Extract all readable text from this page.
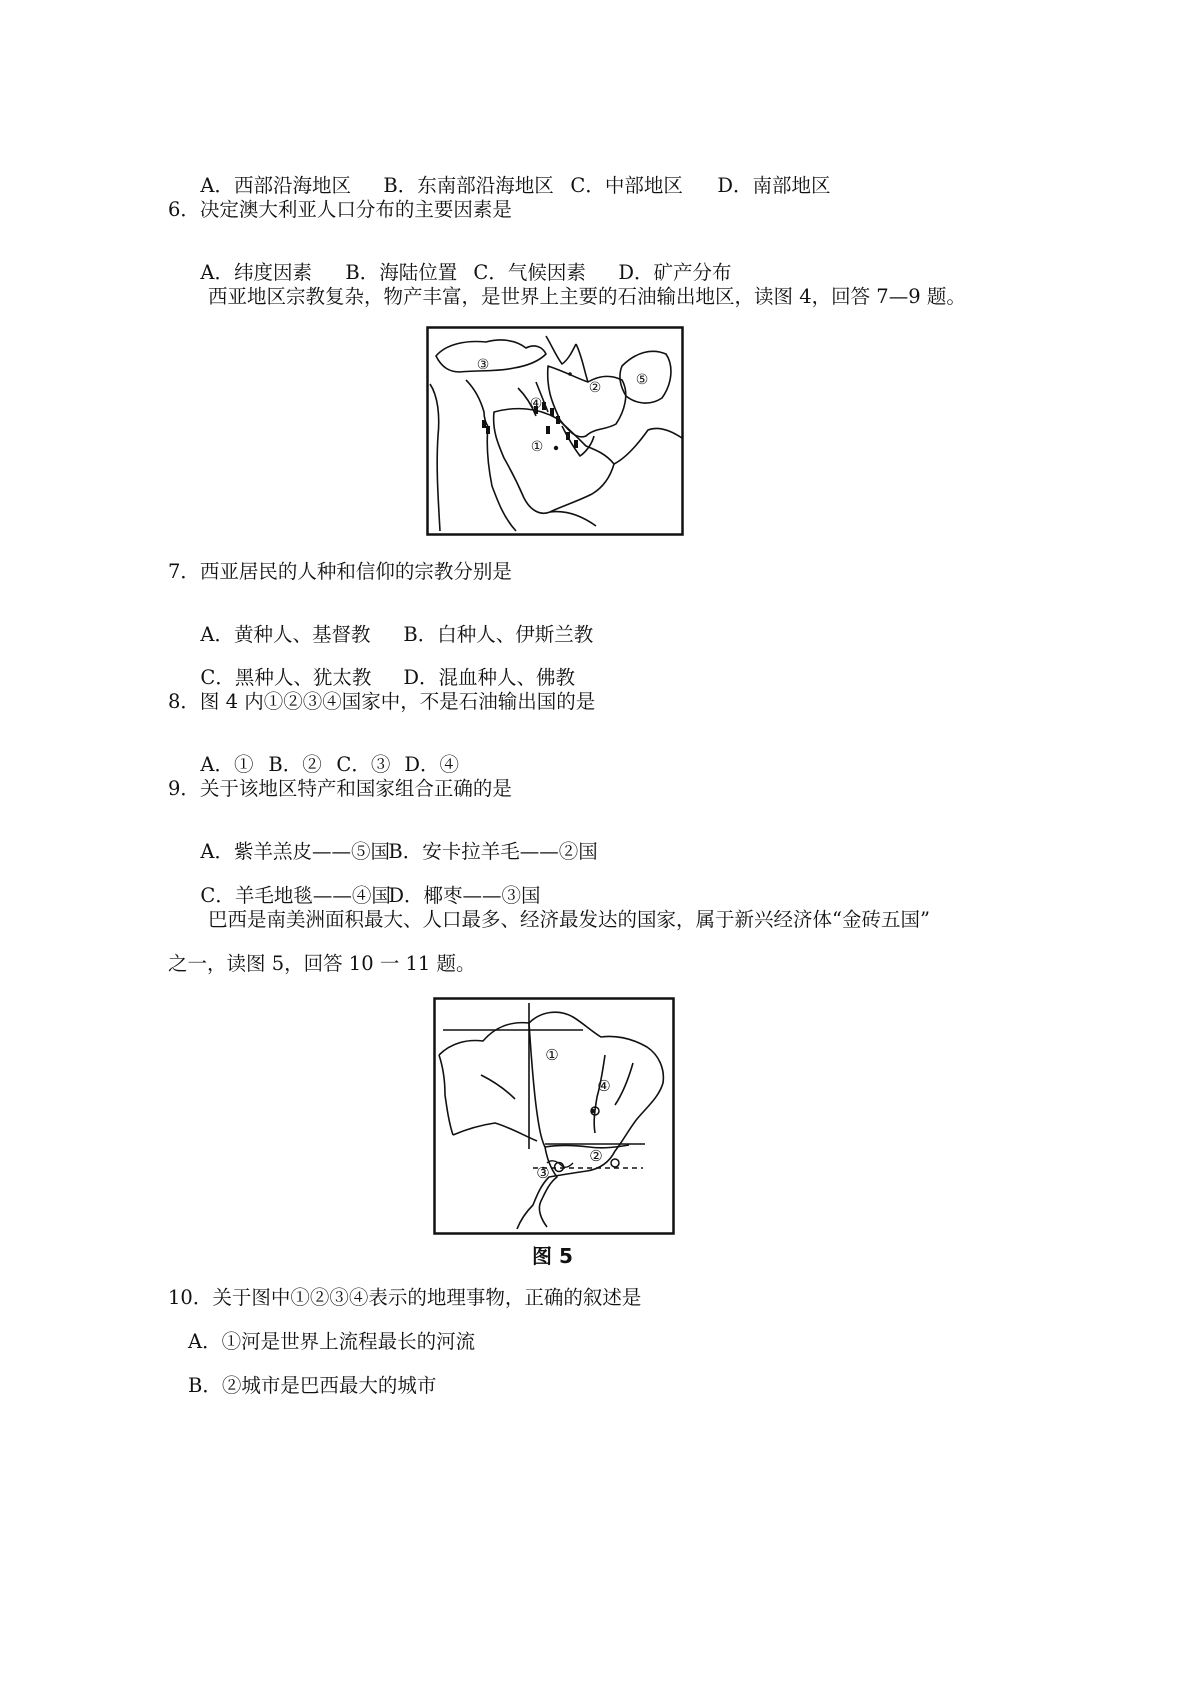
A．西部沿海地区 B．东南部沿海地区 C．中部地区 D．南部地区

6．决定澳大利亚人口分布的主要因素是

A．纬度因素 B．海陆位置 C．气候因素 D．矿产分布

西亚地区宗教复杂，物产丰富，是世界上主要的石油输出地区，读图 4，回答 7—9 题。
③
② ⑤
④
①
7．西亚居民的人种和信仰的宗教分别是

A．黄种人、基督教 B．白种人、伊斯兰教

C．黑种人、犹太教 D．混血种人、佛教

8．图 4 内①②③④国家中，不是石油输出国的是

A．① B．② C．③ D．④

9．关于该地区特产和国家组合正确的是

A．紫羊羔皮——⑤国B．安卡拉羊毛——②国

C．羊毛地毯——④国D．椰枣——③国

巴西是南美洲面积最大、人口最多、经济最发达的国家，属于新兴经济体“金砖五国”
之一，读图 5，回答 10 一 11 题。
①
④
②
③
图 5
10．关于图中①②③④表示的地理事物，正确的叙述是
A．①河是世界上流程最长的河流
B．②城市是巴西最大的城市
